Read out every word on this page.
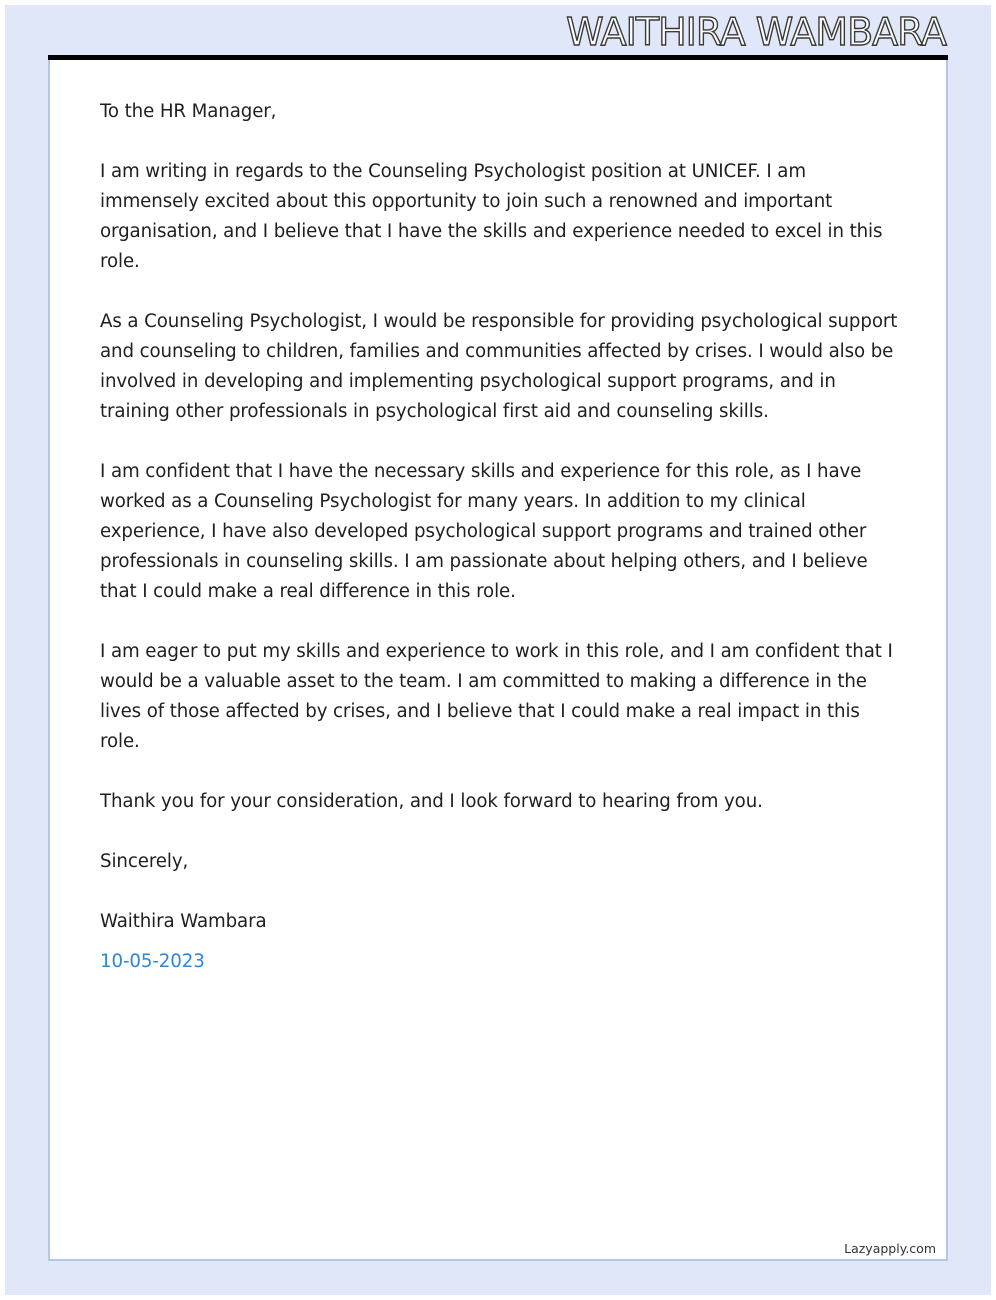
WAITHIRA WAMBARA

To the HR Manager,

I am writing in regards to the Counseling Psychologist position at UNICEF. I am immensely excited about this opportunity to join such a renowned and important organisation, and I believe that I have the skills and experience needed to excel in this role.

As a Counseling Psychologist, I would be responsible for providing psychological support and counseling to children, families and communities affected by crises. I would also be involved in developing and implementing psychological support programs, and in training other professionals in psychological first aid and counseling skills.

I am confident that I have the necessary skills and experience for this role, as I have worked as a Counseling Psychologist for many years. In addition to my clinical experience, I have also developed psychological support programs and trained other professionals in counseling skills. I am passionate about helping others, and I believe that I could make a real difference in this role.

I am eager to put my skills and experience to work in this role, and I am confident that I would be a valuable asset to the team. I am committed to making a difference in the lives of those affected by crises, and I believe that I could make a real impact in this role.

Thank you for your consideration, and I look forward to hearing from you.

Sincerely,

Waithira Wambara

10-05-2023

Lazyapply.com
